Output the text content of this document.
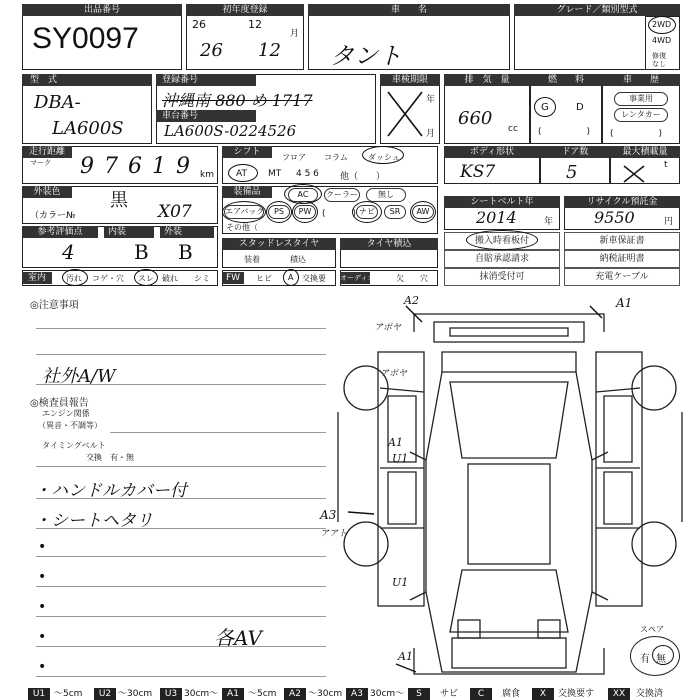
出品番号
SY0097
初年度登録
26	12
26 12
月
車　　名
タント
グレード／類別型式
2WD
4WD
修復
なし
型　式
DBA-
LA600S
登録番号
沖縄南 880 め 1717
車台番号
LA600S-0224526
車検期限
年
月
排　気　量
660 cc
燃　　料
G	D
(　　　　　)
車　　歴
事業用
レンタカー
(　　　　　)
走行距離
マーク 97619 km
シフト
フロア コラム	ダッシュ
AT MT 4 5 6 他（　　）
ボディ形状
KS7
ドア数
5
最大積載量
t
外装色	黒
（カラー№	X07
装備品	AC	クーラー	無し
エアバッグ	PS	PW	(　　　) ナビ	SR	AW
その他（
シートベルト年
2014	年
リサイクル預託金
9550	円
参考評価点	内装	外装
4	B B	スタッドレスタイヤ
装着	積込
タイヤ積込	搬入時看板付	新車保証書
自賠承認請求	納税証明書
抹消受付可	充電ケーブル
室内	汚れ コゲ・穴 スレ 破れ シミ	FW	ヒビ A 交換要 オーディオ	欠 穴
◎注意事項
社外A/W
◎検査員報告
エンジン関係
（異音・不調等）
タイミングベルト
交換　有・無
・ハンドルカバー付
・シートヘタリ
•
•
•
•	各AV
•
A2	A1
アポヤ
アポヤ
A1
U1
A3
アアト
U1
A1
スペア
有 無
U1 〜5cm	U2 〜30cm	U3 30cm〜 A1	〜5cm	A2 〜30cm A3 30cm〜	S	サビ	C	腐食	X	交換要す	XX	交換済
